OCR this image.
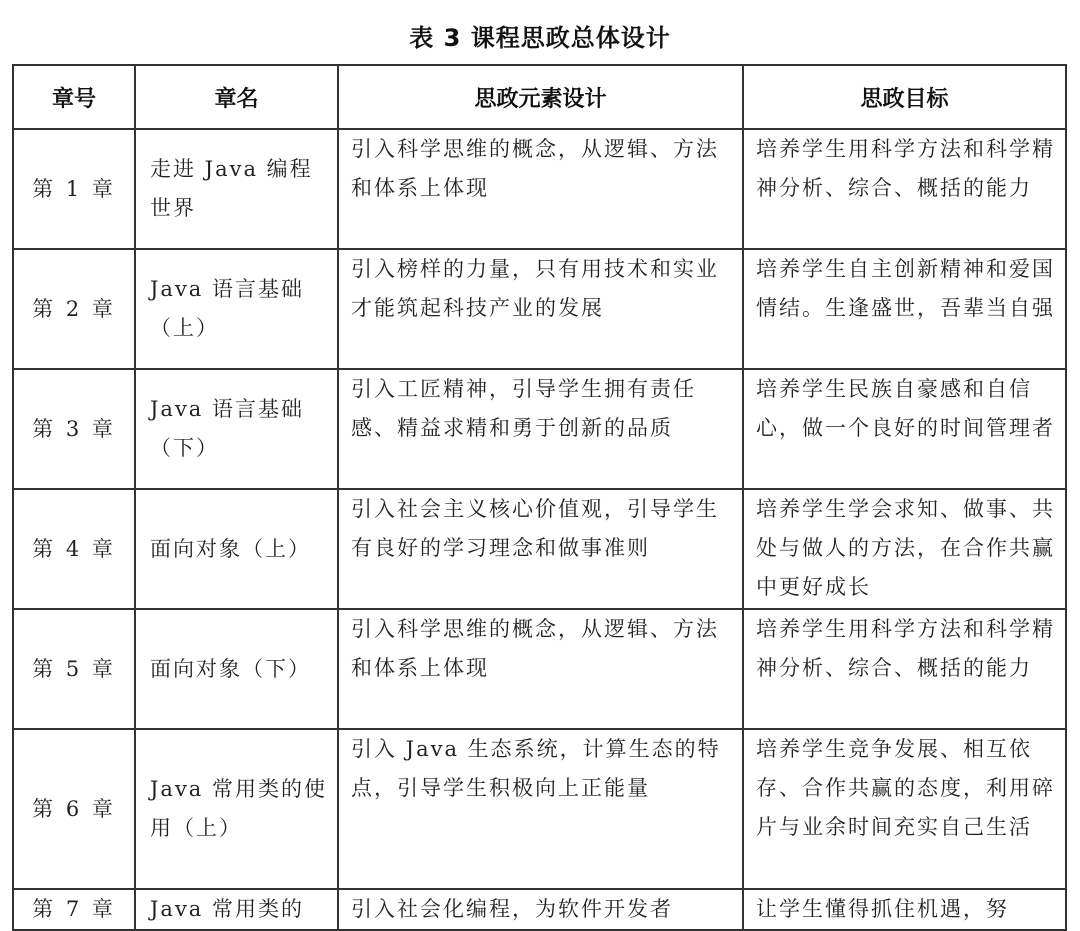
表 3 课程思政总体设计
章号	章名	思政元素设计	思政目标
第 1 章	走进 Java 编程世界	引入科学思维的概念，从逻辑、方法和体系上体现	培养学生用科学方法和科学精神分析、综合、概括的能力
第 2 章	Java 语言基础（上）	引入榜样的力量，只有用技术和实业才能筑起科技产业的发展	培养学生自主创新精神和爱国情结。生逢盛世，吾辈当自强
第 3 章	Java 语言基础（下）	引入工匠精神，引导学生拥有责任感、精益求精和勇于创新的品质	培养学生民族自豪感和自信心，做一个良好的时间管理者
第 4 章	面向对象（上）	引入社会主义核心价值观，引导学生有良好的学习理念和做事准则	培养学生学会求知、做事、共处与做人的方法，在合作共赢中更好成长
第 5 章	面向对象（下）	引入科学思维的概念，从逻辑、方法和体系上体现	培养学生用科学方法和科学精神分析、综合、概括的能力
第 6 章	Java 常用类的使用（上）	引入 Java 生态系统，计算生态的特点，引导学生积极向上正能量	培养学生竞争发展、相互依存、合作共赢的态度，利用碎片与业余时间充实自己生活
第 7 章	Java 常用类的	引入社会化编程，为软件开发者	让学生懂得抓住机遇，努
